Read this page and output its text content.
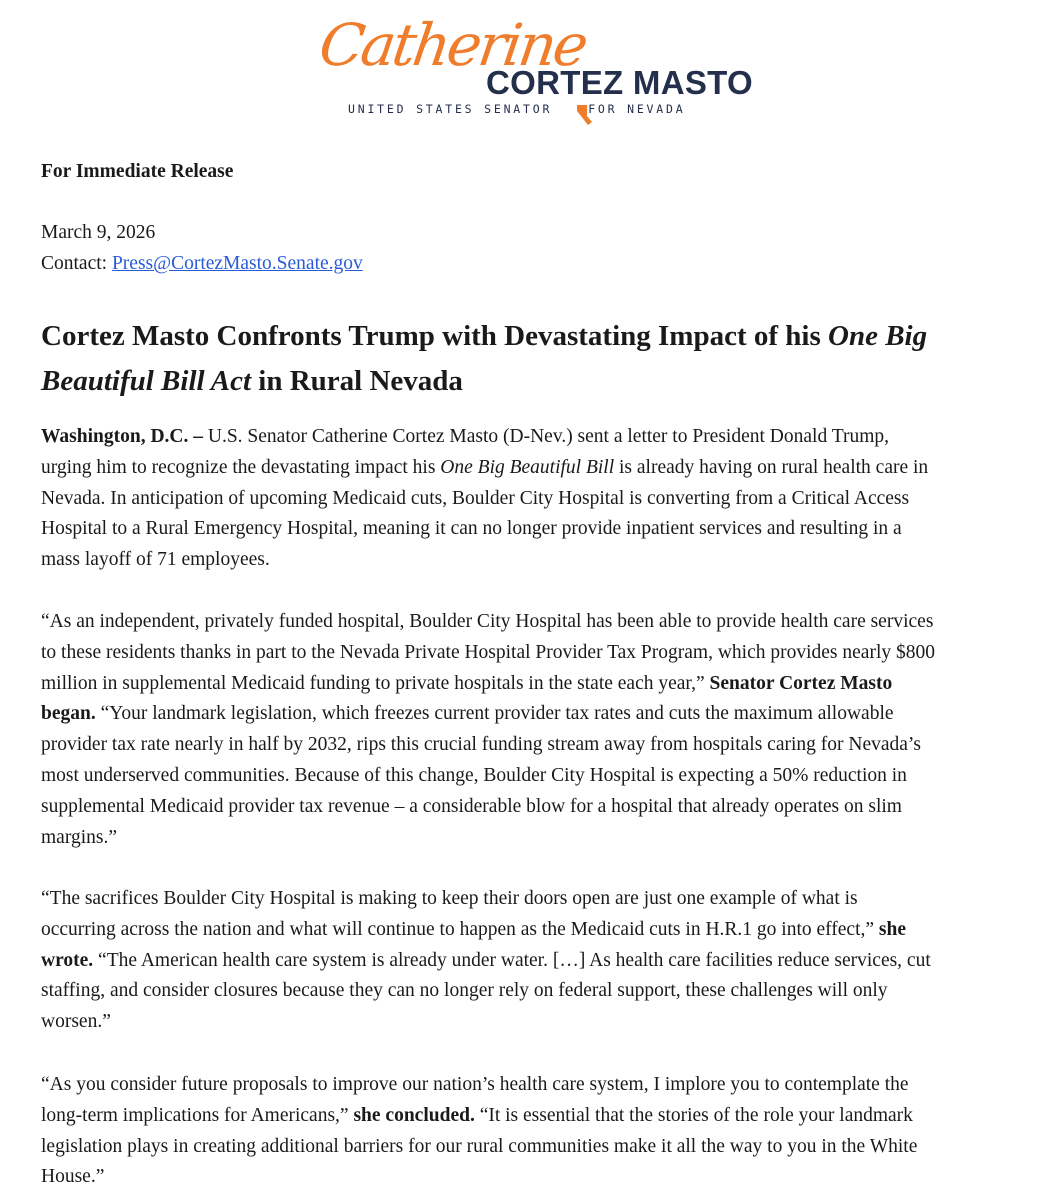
Catherine
CORTEZ MASTO
UNITED STATES SENATOR	FOR NEVADA
For Immediate Release
March 9, 2026
Contact: Press@CortezMasto.Senate.gov
Cortez Masto Confronts Trump with Devastating Impact of his One Big
Beautiful Bill Act in Rural Nevada
Washington, D.C. – U.S. Senator Catherine Cortez Masto (D-Nev.) sent a letter to President Donald Trump,
urging him to recognize the devastating impact his One Big Beautiful Bill is already having on rural health care in
Nevada. In anticipation of upcoming Medicaid cuts, Boulder City Hospital is converting from a Critical Access
Hospital to a Rural Emergency Hospital, meaning it can no longer provide inpatient services and resulting in a
mass layoff of 71 employees.
“As an independent, privately funded hospital, Boulder City Hospital has been able to provide health care services
to these residents thanks in part to the Nevada Private Hospital Provider Tax Program, which provides nearly $800
million in supplemental Medicaid funding to private hospitals in the state each year,” Senator Cortez Masto
began. “Your landmark legislation, which freezes current provider tax rates and cuts the maximum allowable
provider tax rate nearly in half by 2032, rips this crucial funding stream away from hospitals caring for Nevada’s
most underserved communities. Because of this change, Boulder City Hospital is expecting a 50% reduction in
supplemental Medicaid provider tax revenue – a considerable blow for a hospital that already operates on slim
margins.”
“The sacrifices Boulder City Hospital is making to keep their doors open are just one example of what is
occurring across the nation and what will continue to happen as the Medicaid cuts in H.R.1 go into effect,” she
wrote. “The American health care system is already under water. […] As health care facilities reduce services, cut
staffing, and consider closures because they can no longer rely on federal support, these challenges will only
worsen.”
“As you consider future proposals to improve our nation’s health care system, I implore you to contemplate the
long-term implications for Americans,” she concluded. “It is essential that the stories of the role your landmark
legislation plays in creating additional barriers for our rural communities make it all the way to you in the White
House.”
